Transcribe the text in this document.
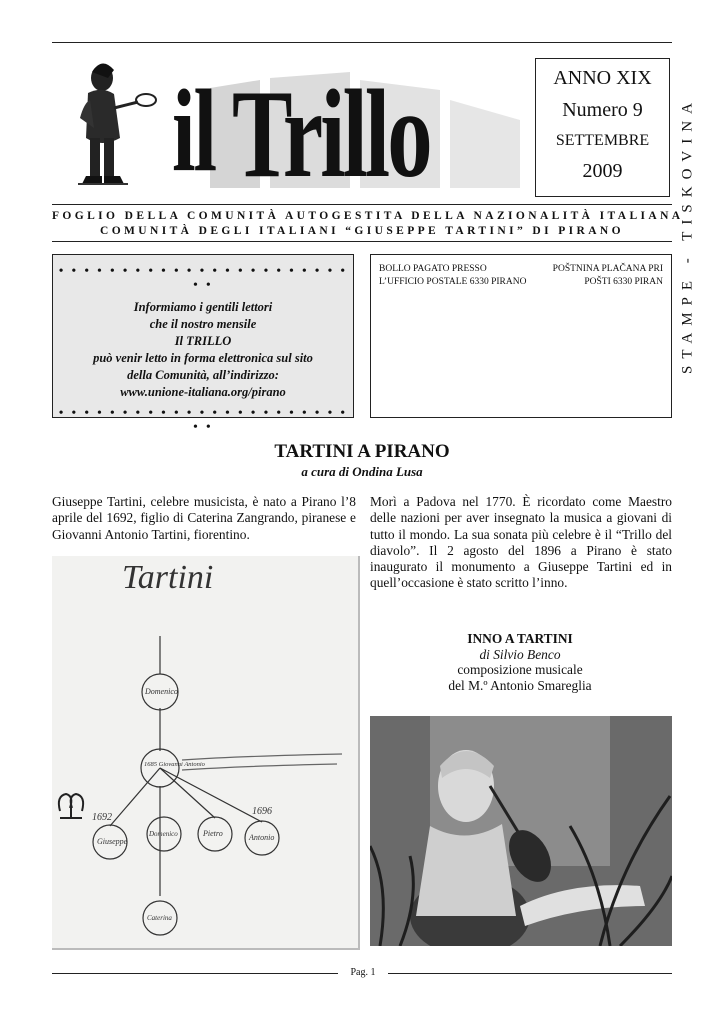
il Trillo	ANNO XIX
Numero 9
SETTEMBRE
2009	STAMPE - TISKOVINA
FOGLIO DELLA COMUNITÀ AUTOGESTITA DELLA NAZIONALITÀ ITALIANA
COMUNITÀ DEGLI ITALIANI “GIUSEPPE TARTINI” DI PIRANO
• • • • • • • • • • • • • • • • • • • • • • • • •
Informiamo i gentili lettori
che il nostro mensile
Il TRILLO
può venir letto in forma elettronica sul sito
della Comunità, all’indirizzo:
www.unione-italiana.org/pirano
• • • • • • • • • • • • • • • • • • • • • • • • •
BOLLO PAGATO PRESSO
L’UFFICIO POSTALE 6330 PIRANO
POŠTNINA PLAČANA PRI
POŠTI 6330 PIRAN
TARTINI A PIRANO
a cura di Ondina Lusa
Giuseppe Tartini, celebre musicista, è nato a Pirano l’8 aprile del 1692, figlio di Caterina Zangrando, piranese e Giovanni Antonio Tartini, fiorentino.
Morì a Padova nel 1770. È ricordato come Maestro delle nazioni per aver insegnato la musica a giovani di tutto il mondo. La sua sonata più celebre è il “Trillo del diavolo”. Il 2 agosto del 1896 a Pirano è stato inaugurato il monumento a Giuseppe Tartini ed in quell’occasione è stato scritto l’inno.
Tartini
Domenico
1685 Giovanni Antonio
Giuseppe
Domenico	Pietro	Antonio
Caterina
1692
1696
INNO A TARTINI
di Silvio Benco
composizione musicale
del M.º Antonio Smareglia
Pag. 1
